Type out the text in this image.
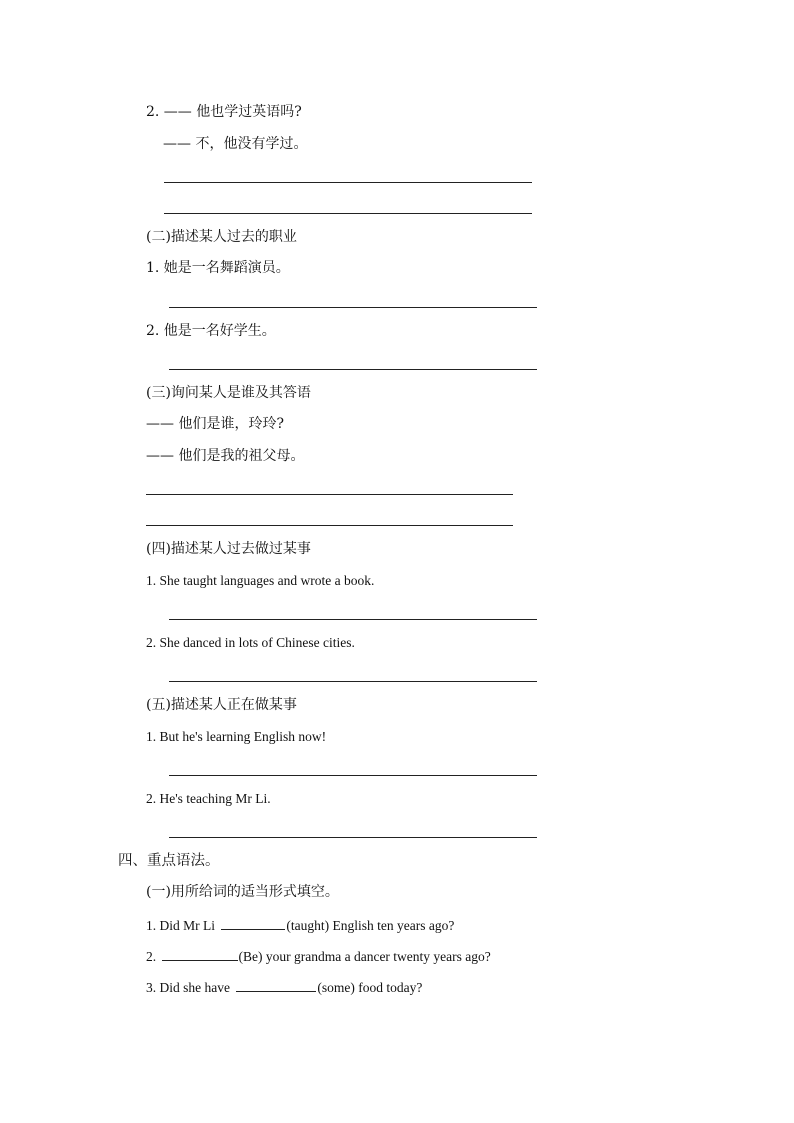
2. —— 他也学过英语吗?
—— 不，他没有学过。
(二)描述某人过去的职业
1. 她是一名舞蹈演员。
2. 他是一名好学生。
(三)询问某人是谁及其答语
—— 他们是谁，玲玲?
—— 他们是我的祖父母。
(四)描述某人过去做过某事
1. She taught languages and wrote a book.
2. She danced in lots of Chinese cities.
(五)描述某人正在做某事
1. But he's learning English now!
2. He's teaching Mr Li.
四、重点语法。
(一)用所给词的适当形式填空。
1. Did Mr Li	(taught) English ten years ago?
2.	(Be) your grandma a dancer twenty years ago?
3. Did she have	(some) food today?
